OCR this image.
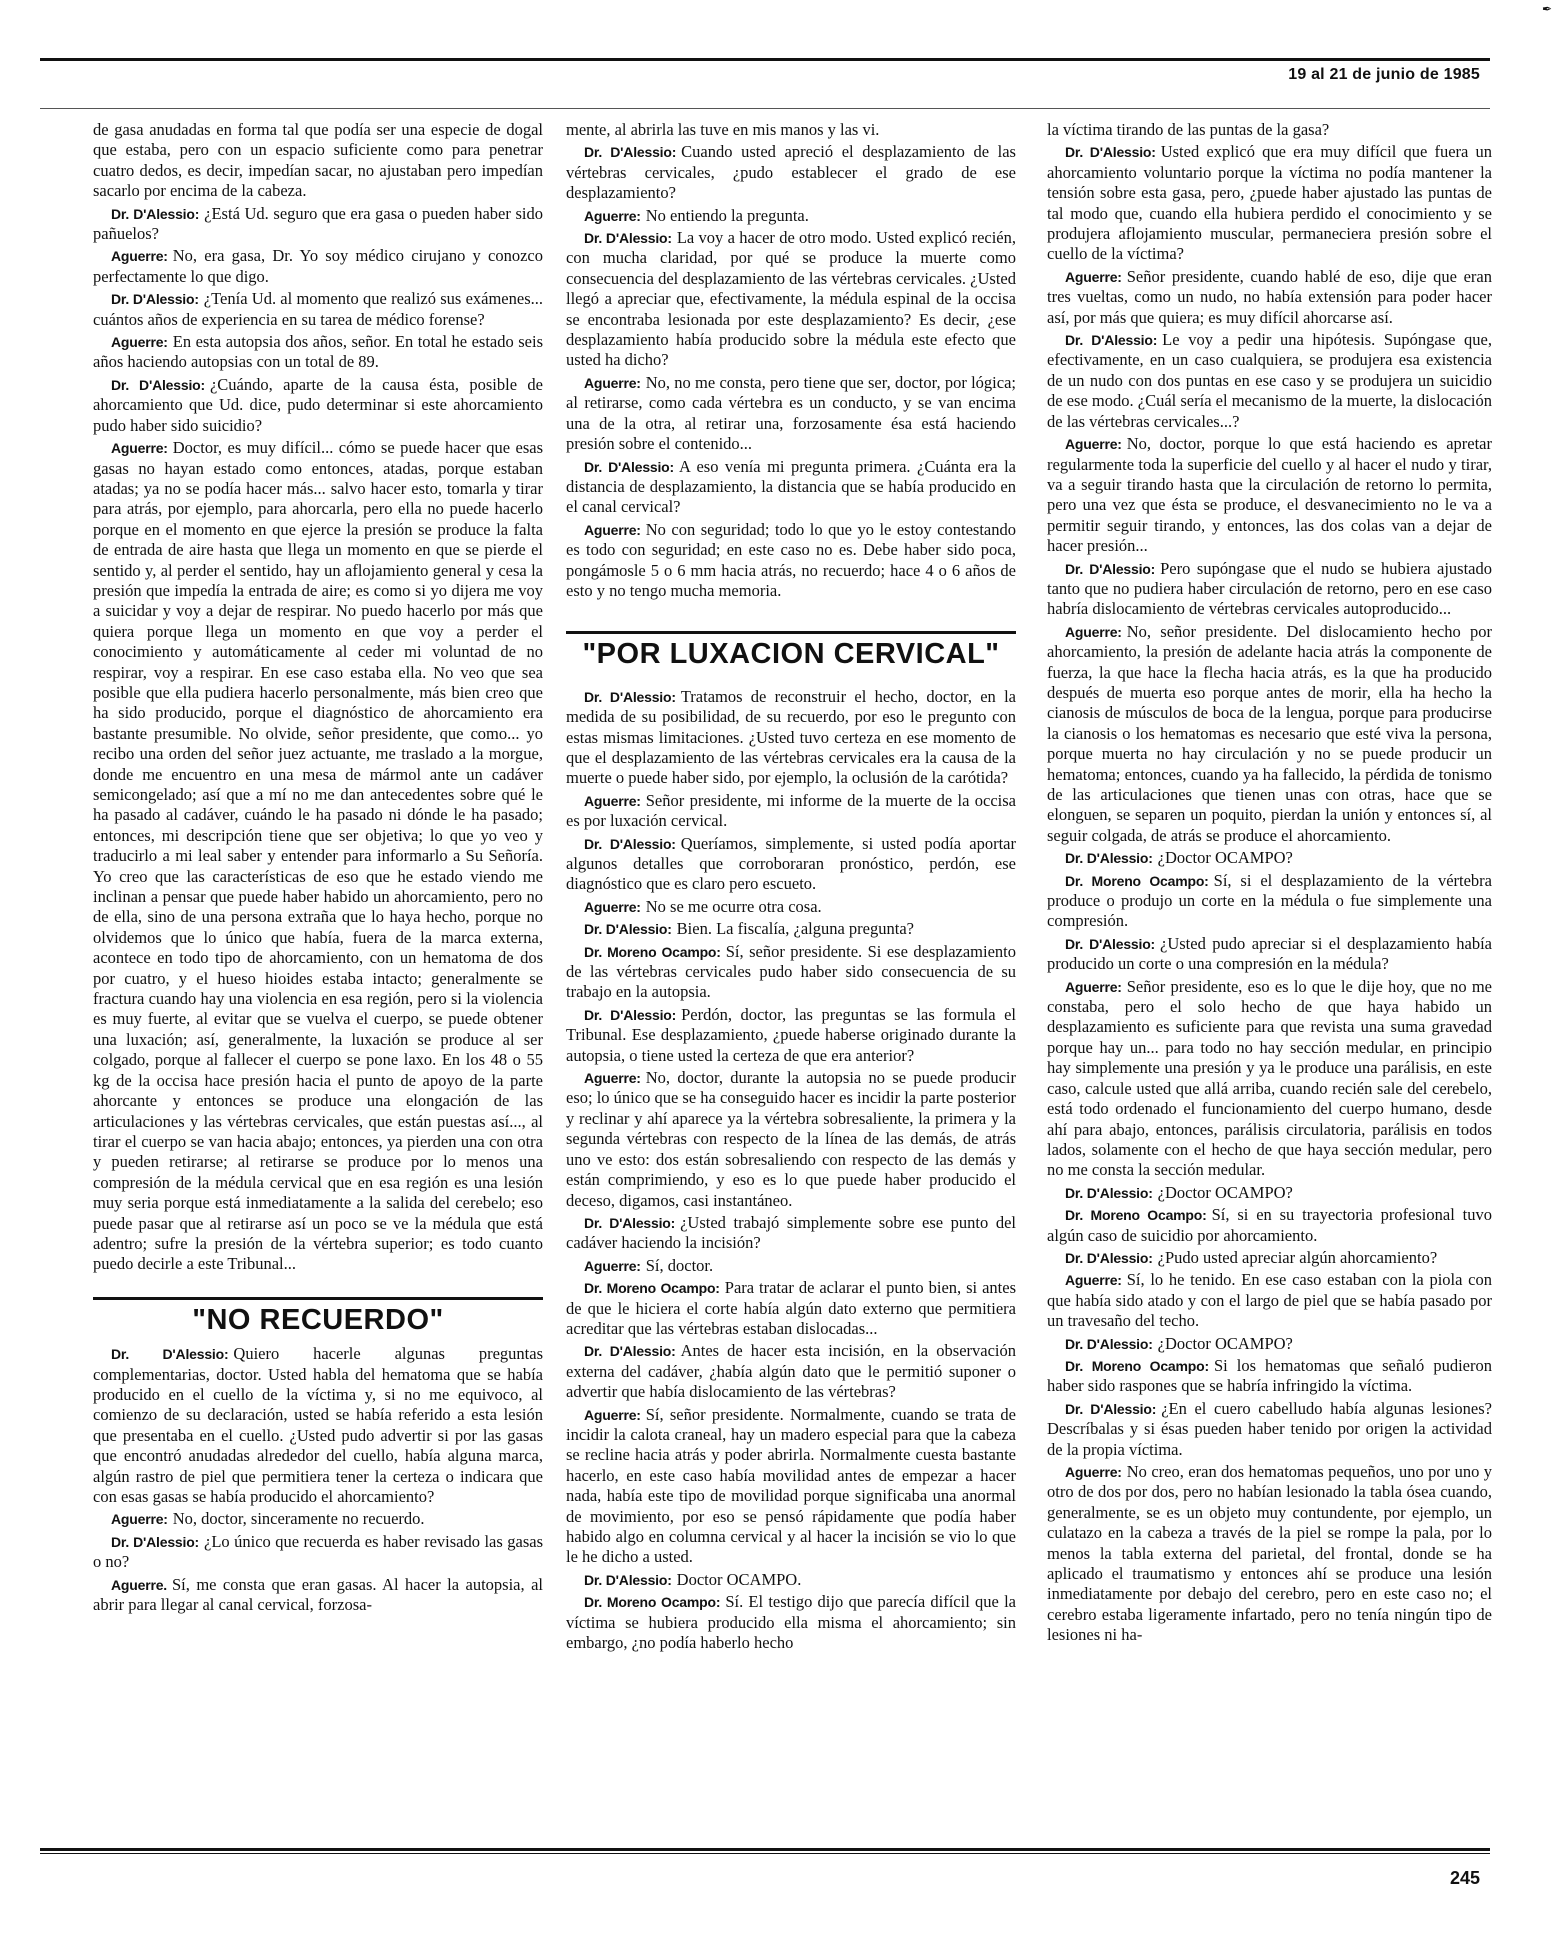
✒
19 al 21 de junio de 1985

de gasa anudadas en forma tal que podía ser una especie de dogal que estaba, pero con un espacio suficiente como para penetrar cuatro dedos, es decir, impedían sacar, no ajustaban pero impedían sacarlo por encima de la cabeza.

Dr. D'Alessio: ¿Está Ud. seguro que era gasa o pueden haber sido pañuelos?

Aguerre: No, era gasa, Dr. Yo soy médico cirujano y conozco perfectamente lo que digo.

Dr. D'Alessio: ¿Tenía Ud. al momento que realizó sus exámenes... cuántos años de experiencia en su tarea de médico forense?

Aguerre: En esta autopsia dos años, señor. En total he estado seis años haciendo autopsias con un total de 89.

Dr. D'Alessio: ¿Cuándo, aparte de la causa ésta, posible de ahorcamiento que Ud. dice, pudo determinar si este ahorcamiento pudo haber sido suicidio?

Aguerre: Doctor, es muy difícil... cómo se puede hacer que esas gasas no hayan estado como entonces, atadas, porque estaban atadas; ya no se podía hacer más... salvo hacer esto, tomarla y tirar para atrás, por ejemplo, para ahorcarla, pero ella no puede hacerlo porque en el momento en que ejerce la presión se produce la falta de entrada de aire hasta que llega un momento en que se pierde el sentido y, al perder el sentido, hay un aflojamiento general y cesa la presión que impedía la entrada de aire; es como si yo dijera me voy a suicidar y voy a dejar de respirar. No puedo hacerlo por más que quiera porque llega un momento en que voy a perder el conocimiento y automáticamente al ceder mi voluntad de no respirar, voy a respirar. En ese caso estaba ella. No veo que sea posible que ella pudiera hacerlo personalmente, más bien creo que ha sido producido, porque el diagnóstico de ahorcamiento era bastante presumible. No olvide, señor presidente, que como... yo recibo una orden del señor juez actuante, me traslado a la morgue, donde me encuentro en una mesa de mármol ante un cadáver semicongelado; así que a mí no me dan antecedentes sobre qué le ha pasado al cadáver, cuándo le ha pasado ni dónde le ha pasado; entonces, mi descripción tiene que ser objetiva; lo que yo veo y traducirlo a mi leal saber y entender para informarlo a Su Señoría. Yo creo que las características de eso que he estado viendo me inclinan a pensar que puede haber habido un ahorcamiento, pero no de ella, sino de una persona extraña que lo haya hecho, porque no olvidemos que lo único que había, fuera de la marca externa, acontece en todo tipo de ahorcamiento, con un hematoma de dos por cuatro, y el hueso hioides estaba intacto; generalmente se fractura cuando hay una violencia en esa región, pero si la violencia es muy fuerte, al evitar que se vuelva el cuerpo, se puede obtener una luxación; así, generalmente, la luxación se produce al ser colgado, porque al fallecer el cuerpo se pone laxo. En los 48 o 55 kg de la occisa hace presión hacia el punto de apoyo de la parte ahorcante y entonces se produce una elongación de las articulaciones y las vértebras cervicales, que están puestas así..., al tirar el cuerpo se van hacia abajo; entonces, ya pierden una con otra y pueden retirarse; al retirarse se produce por lo menos una compresión de la médula cervical que en esa región es una lesión muy seria porque está inmediatamente a la salida del cerebelo; eso puede pasar que al retirarse así un poco se ve la médula que está adentro; sufre la presión de la vértebra superior; es todo cuanto puedo decirle a este Tribunal...

"NO RECUERDO"

Dr. D'Alessio: Quiero hacerle algunas preguntas complementarias, doctor. Usted habla del hematoma que se había producido en el cuello de la víctima y, si no me equivoco, al comienzo de su declaración, usted se había referido a esta lesión que presentaba en el cuello. ¿Usted pudo advertir si por las gasas que encontró anudadas alrededor del cuello, había alguna marca, algún rastro de piel que permitiera tener la certeza o indicara que con esas gasas se había producido el ahorcamiento?

Aguerre: No, doctor, sinceramente no recuerdo.

Dr. D'Alessio: ¿Lo único que recuerda es haber revisado las gasas o no?

Aguerre. Sí, me consta que eran gasas. Al hacer la autopsia, al abrir para llegar al canal cervical, forzosa-

mente, al abrirla las tuve en mis manos y las vi.

Dr. D'Alessio: Cuando usted apreció el desplazamiento de las vértebras cervicales, ¿pudo establecer el grado de ese desplazamiento?

Aguerre: No entiendo la pregunta.

Dr. D'Alessio: La voy a hacer de otro modo. Usted explicó recién, con mucha claridad, por qué se produce la muerte como consecuencia del desplazamiento de las vértebras cervicales. ¿Usted llegó a apreciar que, efectivamente, la médula espinal de la occisa se encontraba lesionada por este desplazamiento? Es decir, ¿ese desplazamiento había producido sobre la médula este efecto que usted ha dicho?

Aguerre: No, no me consta, pero tiene que ser, doctor, por lógica; al retirarse, como cada vértebra es un conducto, y se van encima una de la otra, al retirar una, forzosamente ésa está haciendo presión sobre el contenido...

Dr. D'Alessio: A eso venía mi pregunta primera. ¿Cuánta era la distancia de desplazamiento, la distancia que se había producido en el canal cervical?

Aguerre: No con seguridad; todo lo que yo le estoy contestando es todo con seguridad; en este caso no es. Debe haber sido poca, pongámosle 5 o 6 mm hacia atrás, no recuerdo; hace 4 o 6 años de esto y no tengo mucha memoria.

"POR LUXACION CERVICAL"

Dr. D'Alessio: Tratamos de reconstruir el hecho, doctor, en la medida de su posibilidad, de su recuerdo, por eso le pregunto con estas mismas limitaciones. ¿Usted tuvo certeza en ese momento de que el desplazamiento de las vértebras cervicales era la causa de la muerte o puede haber sido, por ejemplo, la oclusión de la carótida?

Aguerre: Señor presidente, mi informe de la muerte de la occisa es por luxación cervical.

Dr. D'Alessio: Queríamos, simplemente, si usted podía aportar algunos detalles que corroboraran pronóstico, perdón, ese diagnóstico que es claro pero escueto.

Aguerre: No se me ocurre otra cosa.

Dr. D'Alessio: Bien. La fiscalía, ¿alguna pregunta?

Dr. Moreno Ocampo: Sí, señor presidente. Si ese desplazamiento de las vértebras cervicales pudo haber sido consecuencia de su trabajo en la autopsia.

Dr. D'Alessio: Perdón, doctor, las preguntas se las formula el Tribunal. Ese desplazamiento, ¿puede haberse originado durante la autopsia, o tiene usted la certeza de que era anterior?

Aguerre: No, doctor, durante la autopsia no se puede producir eso; lo único que se ha conseguido hacer es incidir la parte posterior y reclinar y ahí aparece ya la vértebra sobresaliente, la primera y la segunda vértebras con respecto de la línea de las demás, de atrás uno ve esto: dos están sobresaliendo con respecto de las demás y están comprimiendo, y eso es lo que puede haber producido el deceso, digamos, casi instantáneo.

Dr. D'Alessio: ¿Usted trabajó simplemente sobre ese punto del cadáver haciendo la incisión?

Aguerre: Sí, doctor.

Dr. Moreno Ocampo: Para tratar de aclarar el punto bien, si antes de que le hiciera el corte había algún dato externo que permitiera acreditar que las vértebras estaban dislocadas...

Dr. D'Alessio: Antes de hacer esta incisión, en la observación externa del cadáver, ¿había algún dato que le permitió suponer o advertir que había dislocamiento de las vértebras?

Aguerre: Sí, señor presidente. Normalmente, cuando se trata de incidir la calota craneal, hay un madero especial para que la cabeza se recline hacia atrás y poder abrirla. Normalmente cuesta bastante hacerlo, en este caso había movilidad antes de empezar a hacer nada, había este tipo de movilidad porque significaba una anormal de movimiento, por eso se pensó rápidamente que podía haber habido algo en columna cervical y al hacer la incisión se vio lo que le he dicho a usted.

Dr. D'Alessio: Doctor OCAMPO.

Dr. Moreno Ocampo: Sí. El testigo dijo que parecía difícil que la víctima se hubiera producido ella misma el ahorcamiento; sin embargo, ¿no podía haberlo hecho

la víctima tirando de las puntas de la gasa?

Dr. D'Alessio: Usted explicó que era muy difícil que fuera un ahorcamiento voluntario porque la víctima no podía mantener la tensión sobre esta gasa, pero, ¿puede haber ajustado las puntas de tal modo que, cuando ella hubiera perdido el conocimiento y se produjera aflojamiento muscular, permaneciera presión sobre el cuello de la víctima?

Aguerre: Señor presidente, cuando hablé de eso, dije que eran tres vueltas, como un nudo, no había extensión para poder hacer así, por más que quiera; es muy difícil ahorcarse así.

Dr. D'Alessio: Le voy a pedir una hipótesis. Supóngase que, efectivamente, en un caso cualquiera, se produjera esa existencia de un nudo con dos puntas en ese caso y se produjera un suicidio de ese modo. ¿Cuál sería el mecanismo de la muerte, la dislocación de las vértebras cervicales...?

Aguerre: No, doctor, porque lo que está haciendo es apretar regularmente toda la superficie del cuello y al hacer el nudo y tirar, va a seguir tirando hasta que la circulación de retorno lo permita, pero una vez que ésta se produce, el desvanecimiento no le va a permitir seguir tirando, y entonces, las dos colas van a dejar de hacer presión...

Dr. D'Alessio: Pero supóngase que el nudo se hubiera ajustado tanto que no pudiera haber circulación de retorno, pero en ese caso habría dislocamiento de vértebras cervicales autoproducido...

Aguerre: No, señor presidente. Del dislocamiento hecho por ahorcamiento, la presión de adelante hacia atrás la componente de fuerza, la que hace la flecha hacia atrás, es la que ha producido después de muerta eso porque antes de morir, ella ha hecho la cianosis de músculos de boca de la lengua, porque para producirse la cianosis o los hematomas es necesario que esté viva la persona, porque muerta no hay circulación y no se puede producir un hematoma; entonces, cuando ya ha fallecido, la pérdida de tonismo de las articulaciones que tienen unas con otras, hace que se elonguen, se separen un poquito, pierdan la unión y entonces sí, al seguir colgada, de atrás se produce el ahorcamiento.

Dr. D'Alessio: ¿Doctor OCAMPO?

Dr. Moreno Ocampo: Sí, si el desplazamiento de la vértebra produce o produjo un corte en la médula o fue simplemente una compresión.

Dr. D'Alessio: ¿Usted pudo apreciar si el desplazamiento había producido un corte o una compresión en la médula?

Aguerre: Señor presidente, eso es lo que le dije hoy, que no me constaba, pero el solo hecho de que haya habido un desplazamiento es suficiente para que revista una suma gravedad porque hay un... para todo no hay sección medular, en principio hay simplemente una presión y ya le produce una parálisis, en este caso, calcule usted que allá arriba, cuando recién sale del cerebelo, está todo ordenado el funcionamiento del cuerpo humano, desde ahí para abajo, entonces, parálisis circulatoria, parálisis en todos lados, solamente con el hecho de que haya sección medular, pero no me consta la sección medular.

Dr. D'Alessio: ¿Doctor OCAMPO?

Dr. Moreno Ocampo: Sí, si en su trayectoria profesional tuvo algún caso de suicidio por ahorcamiento.

Dr. D'Alessio: ¿Pudo usted apreciar algún ahorcamiento?

Aguerre: Sí, lo he tenido. En ese caso estaban con la piola con que había sido atado y con el largo de piel que se había pasado por un travesaño del techo.

Dr. D'Alessio: ¿Doctor OCAMPO?

Dr. Moreno Ocampo: Si los hematomas que señaló pudieron haber sido raspones que se habría infringido la víctima.

Dr. D'Alessio: ¿En el cuero cabelludo había algunas lesiones? Descríbalas y si ésas pueden haber tenido por origen la actividad de la propia víctima.

Aguerre: No creo, eran dos hematomas pequeños, uno por uno y otro de dos por dos, pero no habían lesionado la tabla ósea cuando, generalmente, se es un objeto muy contundente, por ejemplo, un culatazo en la cabeza a través de la piel se rompe la pala, por lo menos la tabla externa del parietal, del frontal, donde se ha aplicado el traumatismo y entonces ahí se produce una lesión inmediatamente por debajo del cerebro, pero en este caso no; el cerebro estaba ligeramente infartado, pero no tenía ningún tipo de lesiones ni ha-

245
